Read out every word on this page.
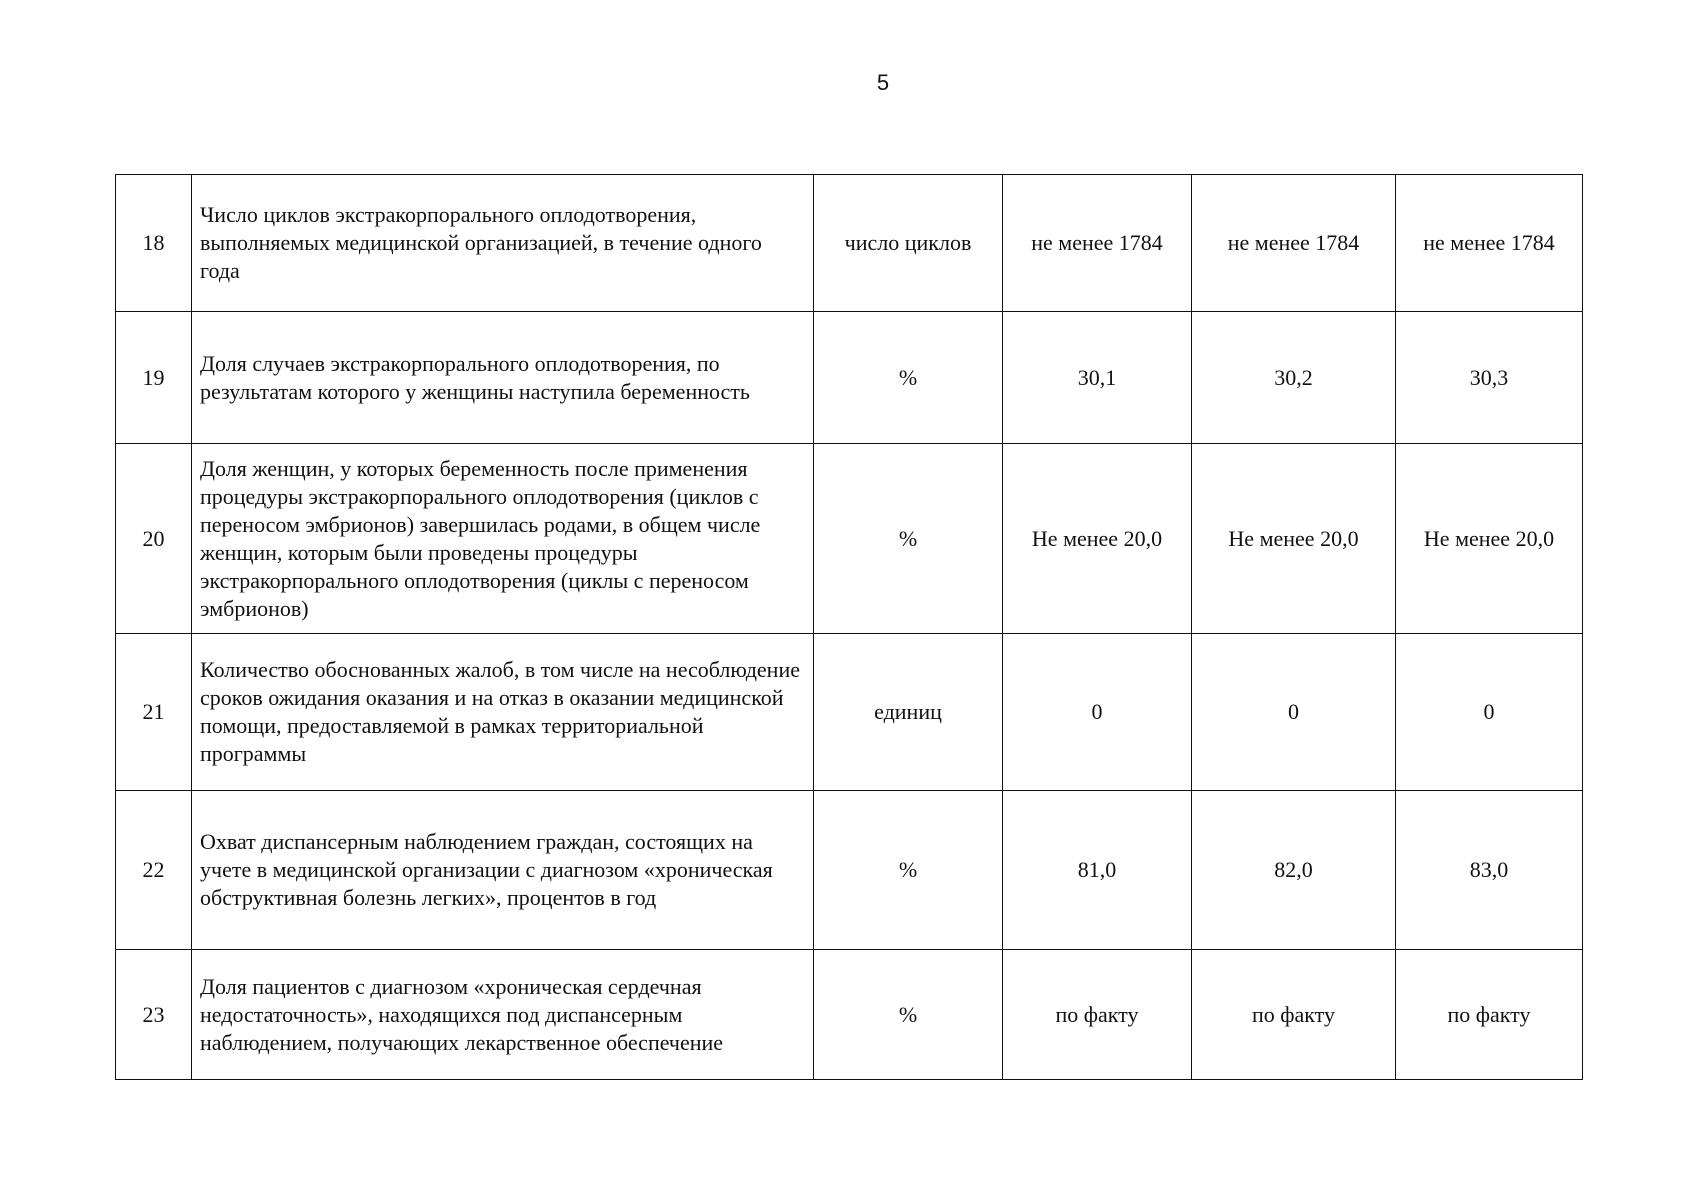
5
18	Число циклов экстракорпорального оплодотворения, выполняемых медицинской организацией, в течение одного года	число циклов	не менее 1784	не менее 1784	не менее 1784
19	Доля случаев экстракорпорального оплодотворения, по результатам которого у женщины наступила беременность	%	30,1	30,2	30,3
20	Доля женщин, у которых беременность после применения процедуры экстракорпорального оплодотворения (циклов с переносом эмбрионов) завершилась родами, в общем числе женщин, которым были проведены процедуры экстракорпорального оплодотворения (циклы с переносом эмбрионов)	%	Не менее 20,0	Не менее 20,0	Не менее 20,0
21	Количество обоснованных жалоб, в том числе на несоблюдение сроков ожидания оказания и на отказ в оказании медицинской помощи, предоставляемой в рамках территориальной программы	единиц	0	0	0
22	Охват диспансерным наблюдением граждан, состоящих на учете в медицинской организации с диагнозом «хроническая обструктивная болезнь легких», процентов в год	%	81,0	82,0	83,0
23	Доля пациентов с диагнозом «хроническая сердечная недостаточность», находящихся под диспансерным наблюдением, получающих лекарственное обеспечение	%	по факту	по факту	по факту
